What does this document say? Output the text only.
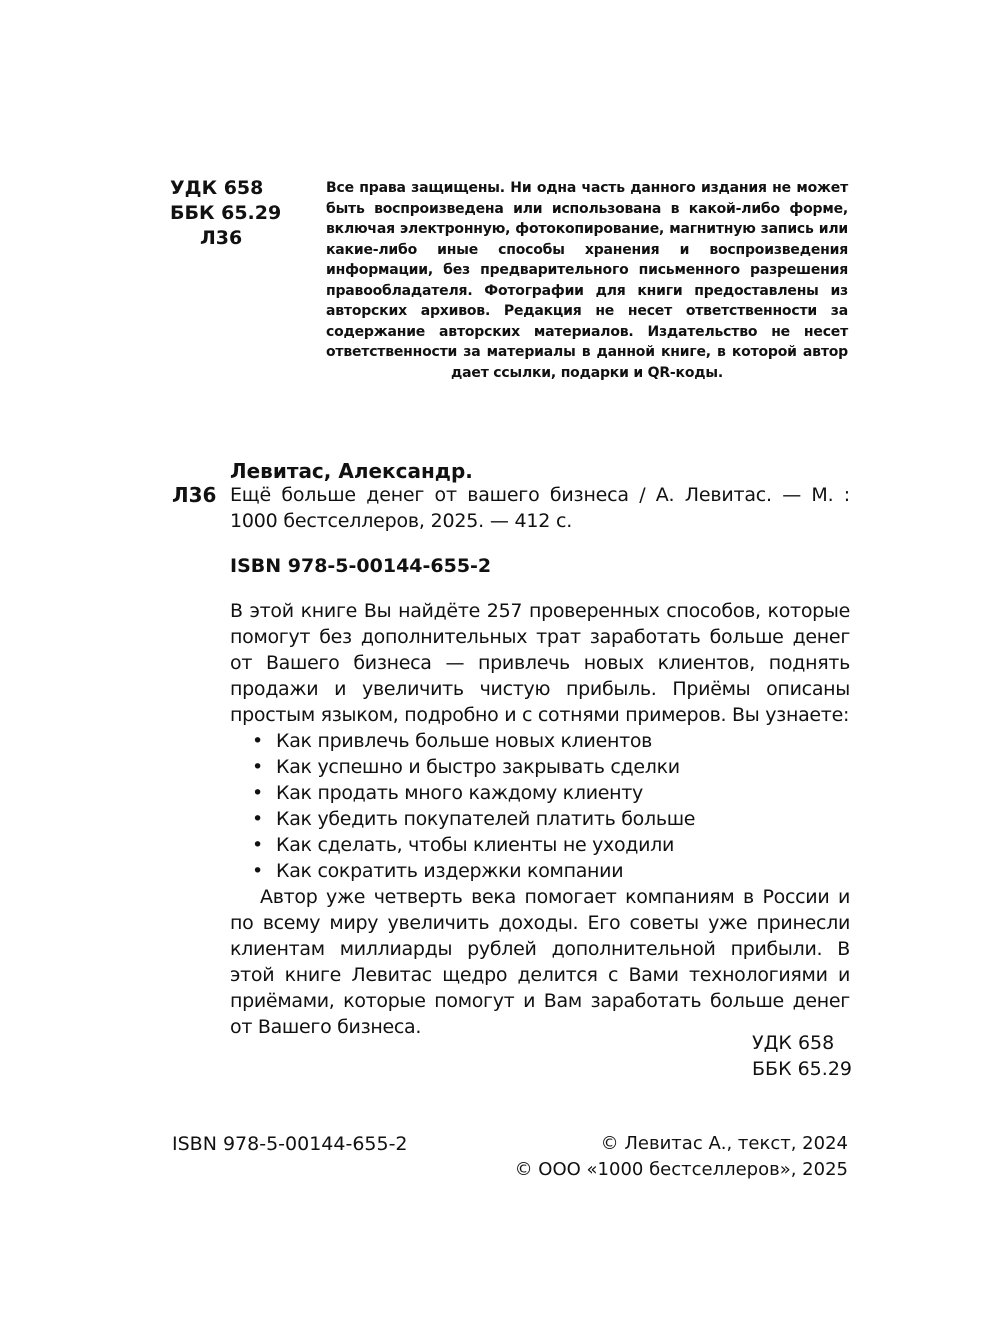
УДК 658
ББК 65.29
Л36
Все права защищены. Ни одна часть данного издания не может быть воспроизведена или использована в какой-либо форме, включая электронную, фотокопирование, магнитную запись или какие-либо иные способы хранения и воспроизведения информации, без предварительного письменного разрешения правообладателя. Фотографии для книги предоставлены из авторских архивов. Редакция не несет ответственности за содержание авторских материалов. Издательство не несет ответственности за материалы в данной книге, в которой автор дает ссылки, подарки и QR-коды.
Левитас, Александр.
Л36 Ещё больше денег от вашего бизнеса / А. Левитас. — М. : 1000 бестселлеров, 2025. — 412 с.
ISBN 978-5-00144-655-2

В этой книге Вы найдёте 257 проверенных способов, которые помогут без дополнительных трат заработать больше денег от Вашего бизнеса — привлечь новых клиентов, поднять продажи и увеличить чистую прибыль. Приёмы описаны простым языком, подробно и с сотнями примеров. Вы узнаете:

• Как привлечь больше новых клиентов
• Как успешно и быстро закрывать сделки
• Как продать много каждому клиенту
• Как убедить покупателей платить больше
• Как сделать, чтобы клиенты не уходили
• Как сократить издержки компании

Автор уже четверть века помогает компаниям в России и по всему миру увеличить доходы. Его советы уже принесли клиентам миллиарды рублей дополнительной прибыли. В этой книге Левитас щедро делится с Вами технологиями и приёмами, которые помогут и Вам заработать больше денег от Вашего бизнеса.

УДК 658
ББК 65.29
ISBN 978-5-00144-655-2	© Левитас А., текст, 2024
© ООО «1000 бестселлеров», 2025
